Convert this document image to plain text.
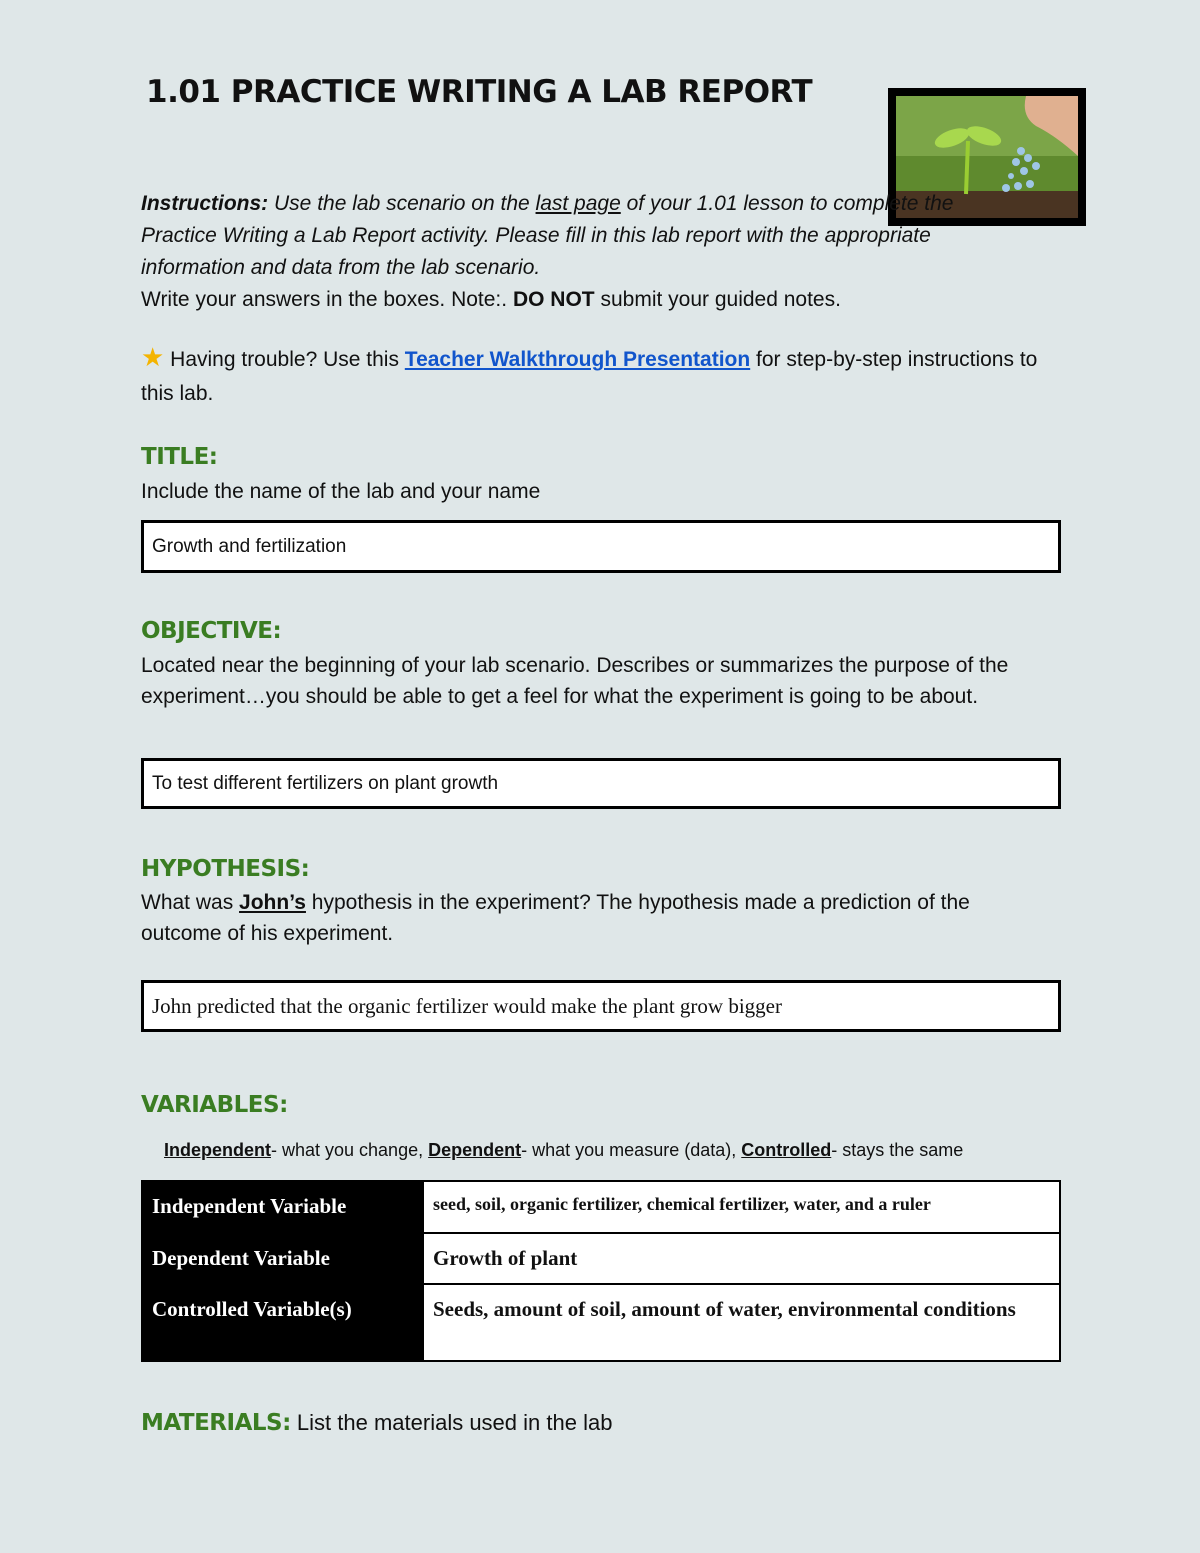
1.01 PRACTICE WRITING A LAB REPORT
Instructions: Use the lab scenario on the last page of your 1.01 lesson to complete the Practice Writing a Lab Report activity. Please fill in this lab report with the appropriate information and data from the lab scenario.
Write your answers in the boxes. Note:. DO NOT submit your guided notes.
★ Having trouble? Use this Teacher Walkthrough Presentation for step-by-step instructions to this lab.
TITLE:
Include the name of the lab and your name
Growth and fertilization
OBJECTIVE:
Located near the beginning of your lab scenario. Describes or summarizes the purpose of the experiment…you should be able to get a feel for what the experiment is going to be about.
To test different fertilizers on plant growth
HYPOTHESIS:
What was John’s hypothesis in the experiment? The hypothesis made a prediction of the outcome of his experiment.
John predicted that the organic fertilizer would make the plant grow bigger
VARIABLES:
Independent- what you change, Dependent- what you measure (data), Controlled- stays the same
Independent Variable	seed, soil, organic fertilizer, chemical fertilizer, water, and a ruler
Dependent Variable	Growth of plant
Controlled Variable(s)	Seeds, amount of soil, amount of water, environmental conditions
MATERIALS: List the materials used in the lab
